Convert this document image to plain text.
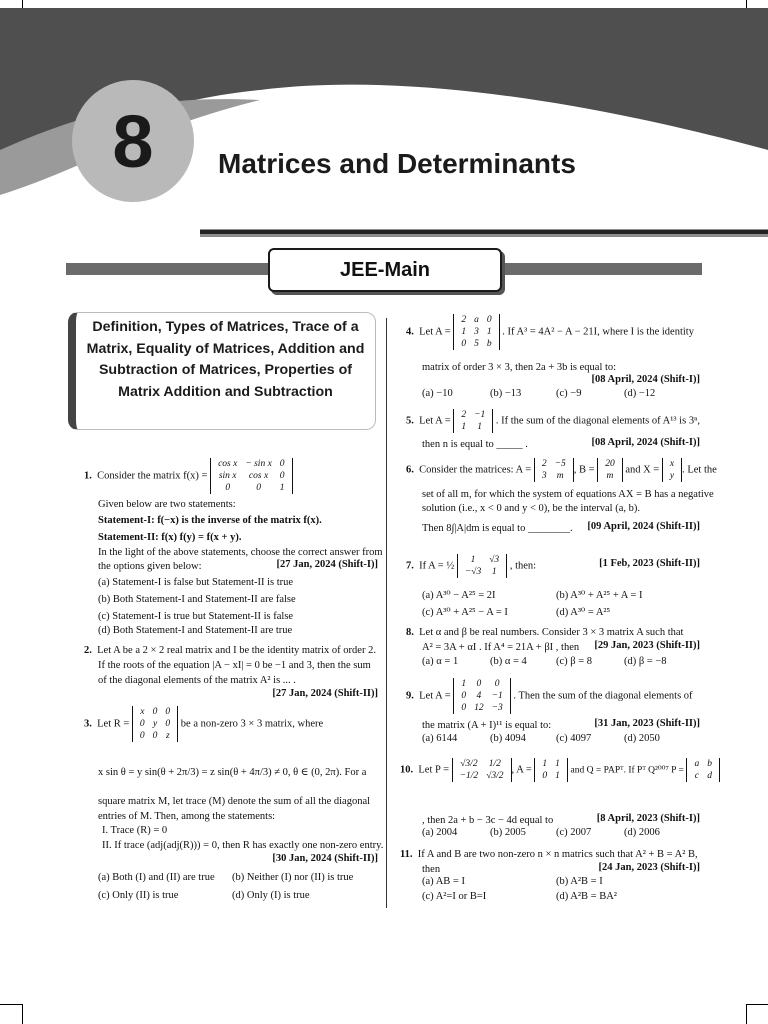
8	Matrices and Determinants
JEE-Main
Definition, Types of Matrices, Trace of a Matrix, Equality of Matrices, Addition and Subtraction of Matrices, Properties of Matrix Addition and Subtraction
1. Consider the matrix f(x) =
cos x	− sin x	0
sin x	cos x	0
0	0	1
Given below are two statements:
Statement-I: f(−x) is the inverse of the matrix f(x).
Statement-II: f(x) f(y) = f(x + y).
In the light of the above statements, choose the correct answer from
the options given below:	[27 Jan, 2024 (Shift-I)]
(a) Statement-I is false but Statement-II is true
(b) Both Statement-I and Statement-II are false
(c) Statement-I is true but Statement-II is false
(d) Both Statement-I and Statement-II are true
2. Let A be a 2 × 2 real matrix and I be the identity matrix of order 2.
If the roots of the equation |A − xI| = 0 be −1 and 3, then the sum
of the diagonal elements of the matrix A² is ... .
[27 Jan, 2024 (Shift-II)]
3. Let R =
x	0	0
0	y	0
0	0	z
be a non-zero 3 × 3 matrix, where
x sin θ = y sin(θ + 2π/3) = z sin(θ + 4π/3) ≠ 0, θ ∈ (0, 2π). For a
square matrix M, let trace (M) denote the sum of all the diagonal
entries of M. Then, among the statements:
I. Trace (R) = 0
II. If trace (adj(adj(R))) = 0, then R has exactly one non-zero entry.
[30 Jan, 2024 (Shift-II)]
(a) Both (I) and (II) are true (b) Neither (I) nor (II) is true
(c) Only (II) is true	(d) Only (I) is true
4. Let A =
2	a	0
1	3	1
0	5	b
. If A³ = 4A² − A − 21I, where I is the identity
matrix of order 3 × 3, then 2a + 3b is equal to:
[08 April, 2024 (Shift-I)]
(a) −10	(b) −13	(c) −9	(d) −12
5. Let A =
2	−1
1	1
. If the sum of the diagonal elements of A¹³ is 3ⁿ,
then n is equal to _____ .	[08 April, 2024 (Shift-I)]
6. Consider the matrices: A =
2	−5
3	m
, B =
20
m
and X =
x
y
. Let the
set of all m, for which the system of equations AX = B has a negative
solution (i.e., x < 0 and y < 0), be the interval (a, b).
Then 8∫|A|dm is equal to ________. [09 April, 2024 (Shift-II)]
7. If A = ½
1	√3
−√3	1
, then:	[1 Feb, 2023 (Shift-II)]
(a) A³⁰ − A²⁵ = 2I	(b) A³⁰ + A²⁵ + A = I
(c) A³⁰ + A²⁵ − A = I	(d) A³⁰ = A²⁵
8. Let α and β be real numbers. Consider 3 × 3 matrix A such that
A² = 3A + αI . If A⁴ = 21A + βI , then [29 Jan, 2023 (Shift-II)]
(a) α = 1	(b) α = 4	(c) β = 8	(d) β = −8
9. Let A =
1	0	0
0	4	−1
0	12	−3
. Then the sum of the diagonal elements of
the matrix (A + I)¹¹ is equal to:	[31 Jan, 2023 (Shift-II)]
(a) 6144	(b) 4094	(c) 4097	(d) 2050
10. Let P =
√3/2	1/2
−1/2	√3/2
, A =
1	1
0	1
and Q = PAPᵀ. If Pᵀ Q²⁰⁰⁷ P =
a	b
c	d
, then 2a + b − 3c − 4d equal to	[8 April, 2023 (Shift-I)]
(a) 2004	(b) 2005	(c) 2007	(d) 2006
11. If A and B are two non-zero n × n matrics such that A² + B = A² B,
then	[24 Jan, 2023 (Shift-I)]
(a) AB = I	(b) A²B = I
(c) A²=I or B=I	(d) A²B = BA²
